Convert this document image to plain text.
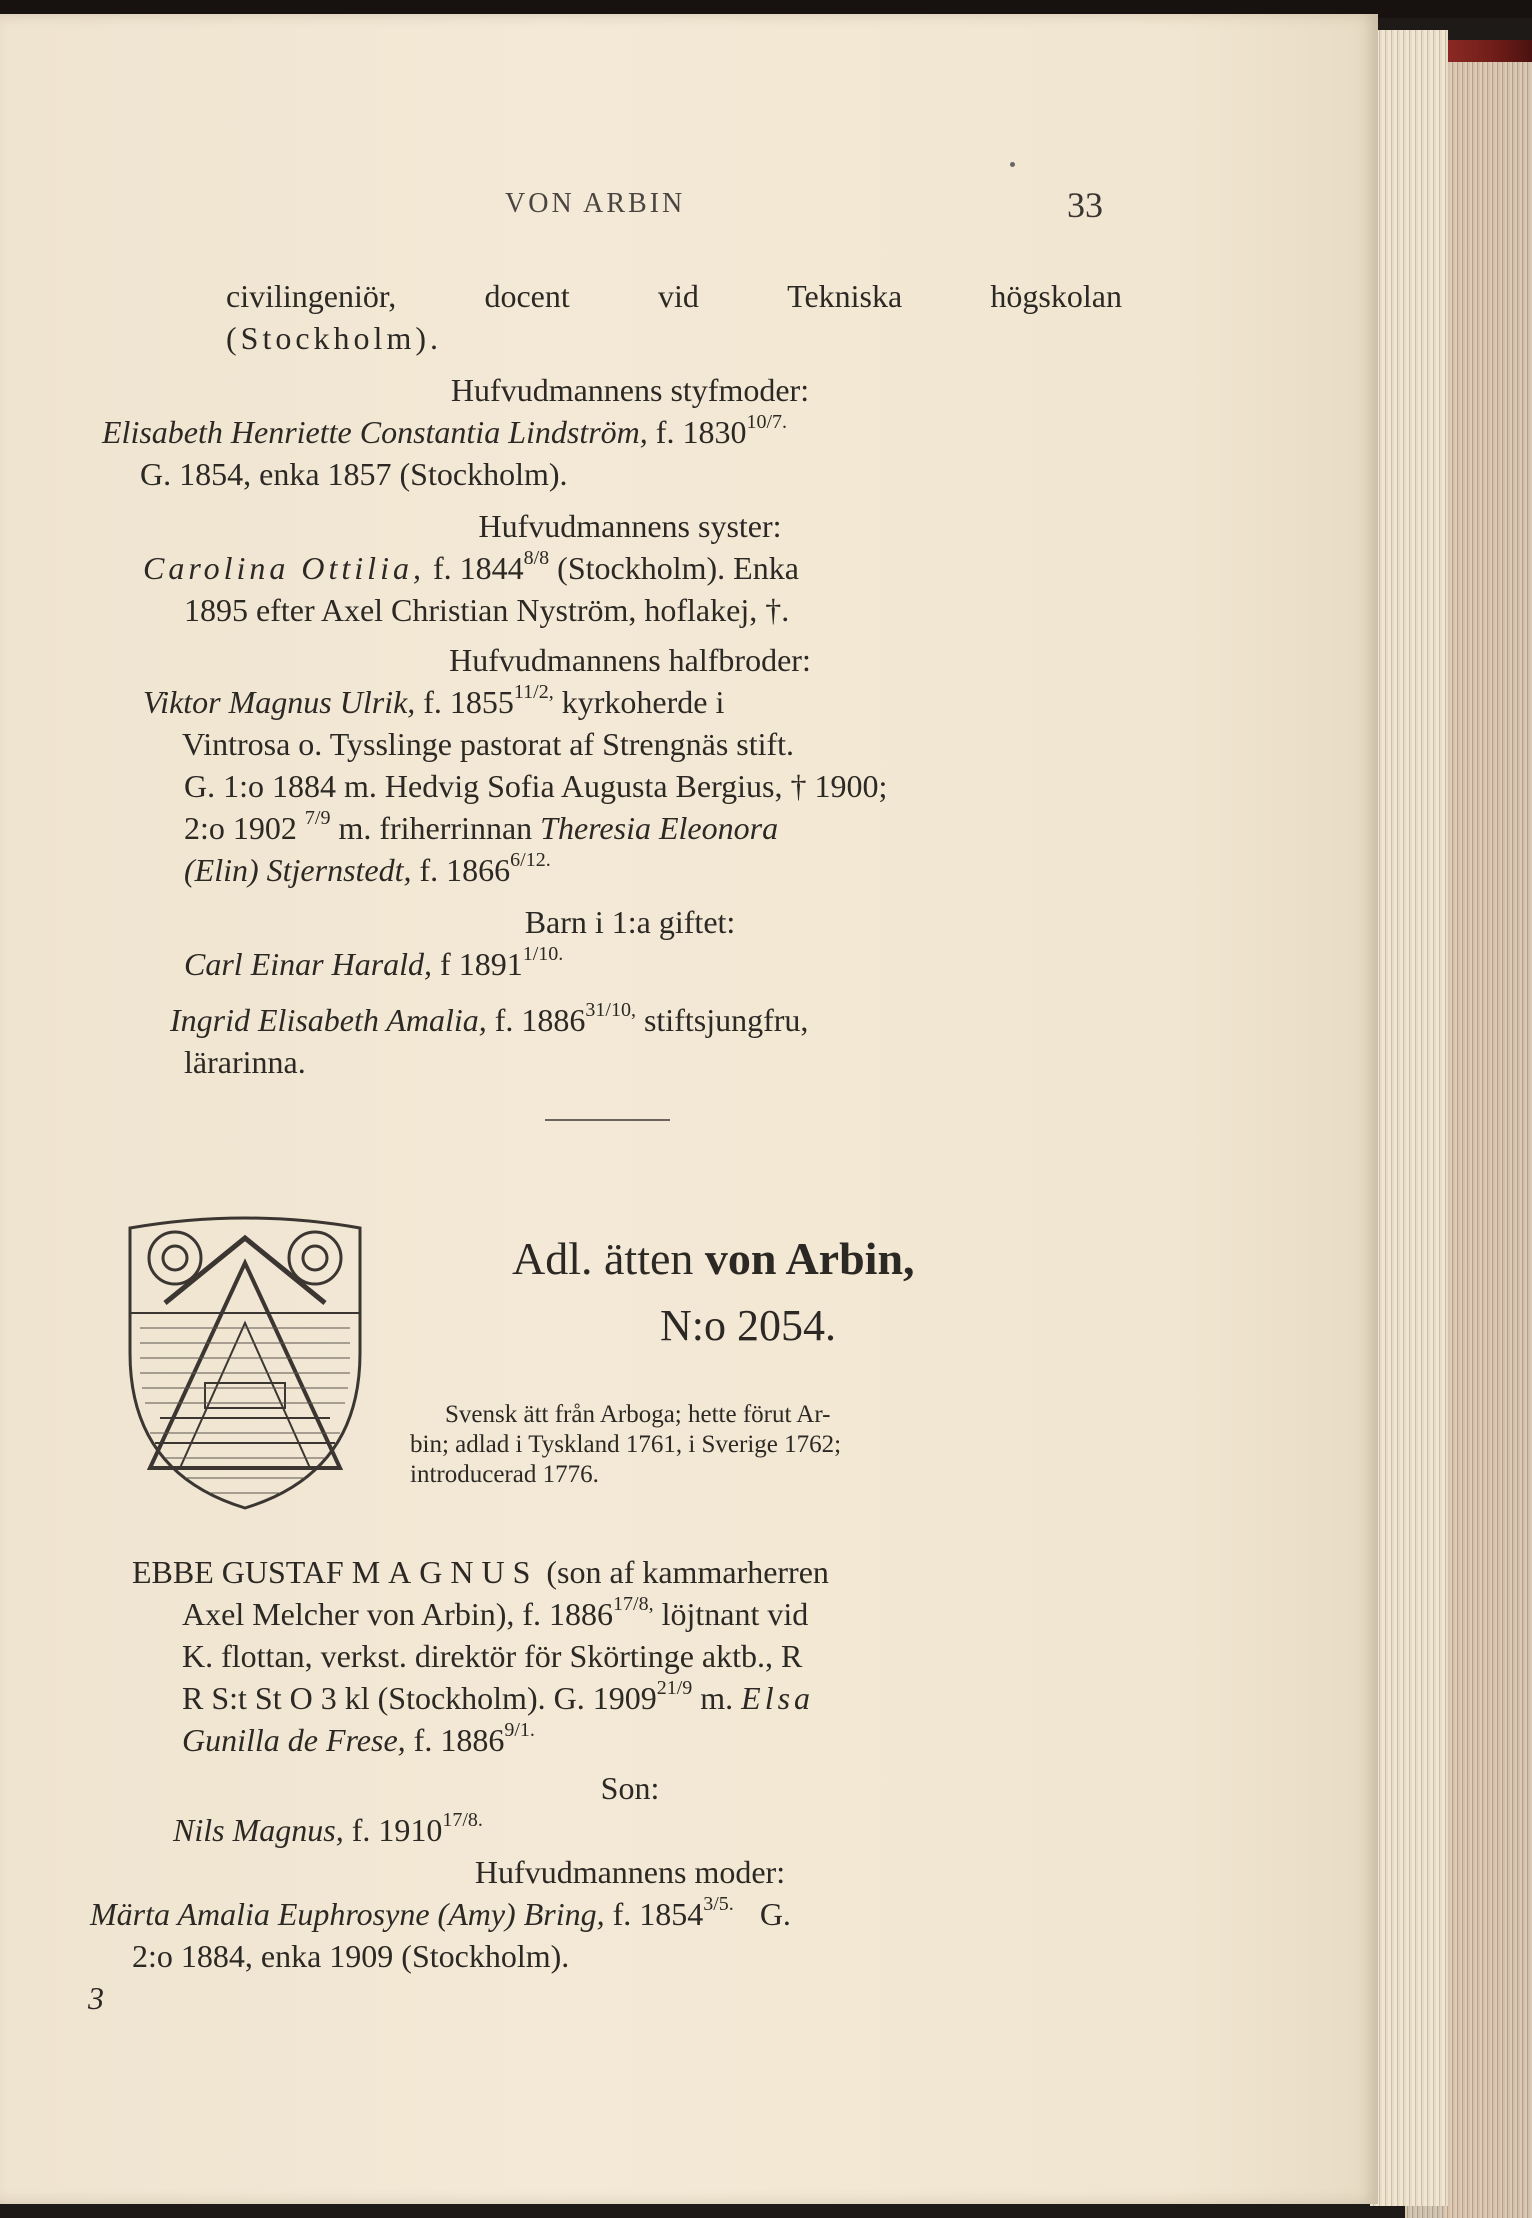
VON ARBIN	33
civilingeniör,	docent	vid	Tekniska	högskolan
(Stockholm).
Hufvudmannens styfmoder:
Elisabeth Henriette Constantia Lindström, f. $1830^{10/7.}$
G. 1854, enka 1857 (Stockholm).
Hufvudmannens syster:
Carolina Ottilia, f. $1844^{8/8}$ (Stockholm). Enka
1895 efter Axel Christian Nyström, hoflakej, †.
Hufvudmannens halfbroder:
Viktor Magnus Ulrik, f. $1855^{11/2,}$ kyrkoherde i
Vintrosa o. Tysslinge pastorat af Strengnäs stift.
G. 1:o 1884 m. Hedvig Sofia Augusta Bergius, † 1900;
2:o 1902 $^{7/9}$ m. friherrinnan Theresia Eleonora
(Elin) Stjernstedt, f. $1866^{6/12.}$
Barn i 1:a giftet:
Carl Einar Harald, f $1891^{1/10.}$
Ingrid Elisabeth Amalia, f. $1886^{31/10,}$ stiftsjungfru,
lärarinna.
Adl. ätten von Arbin,
N:o 2054.
Svensk ätt från Arboga; hette förut Ar-
bin; adlad i Tyskland 1761, i Sverige 1762;
introducerad 1776.
EBBE GUSTAF MAGNUS (son af kammarherren
Axel Melcher von Arbin), f. $1886^{17/8,}$ löjtnant vid
K. flottan, verkst. direktör för Skörtinge aktb., R
R S:t St O 3 kl (Stockholm). G. $1909^{21/9}$ m. Elsa
Gunilla de Frese, f. $1886^{9/1.}$
Son:
Nils Magnus, f. $1910^{17/8.}$
Hufvudmannens moder:
Märta Amalia Euphrosyne (Amy) Bring, f. $1854^{3/5.}$ G.
2:o 1884, enka 1909 (Stockholm).
3
